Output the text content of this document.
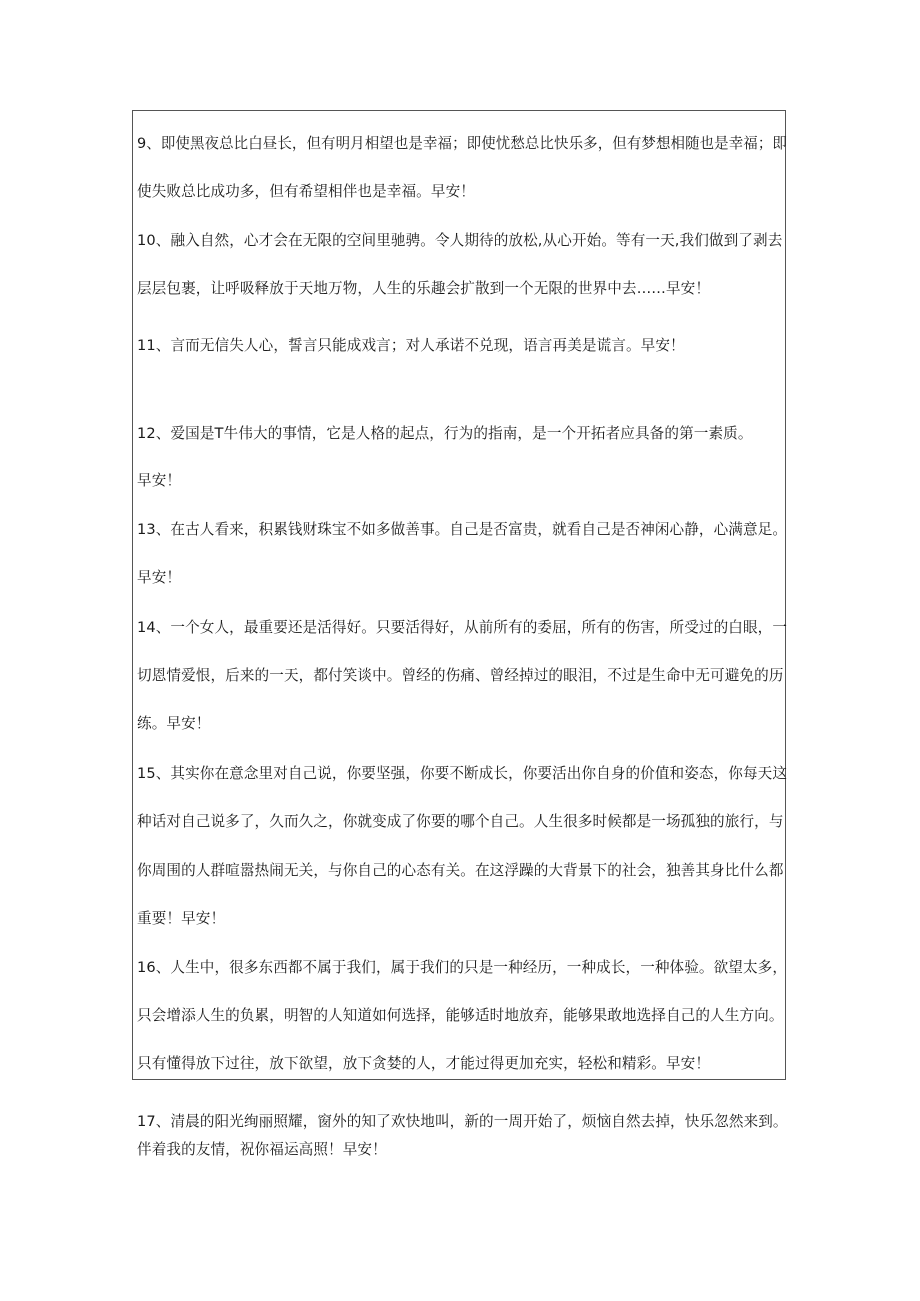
9、即使黑夜总比白昼长，但有明月相望也是幸福；即使忧愁总比快乐多，但有梦想相随也是幸福；即
使失败总比成功多，但有希望相伴也是幸福。早安！
10、融入自然，心才会在无限的空间里驰骋。令人期待的放松,从心开始。等有一天,我们做到了剥去
层层包裹，让呼吸释放于天地万物，人生的乐趣会扩散到一个无限的世界中去……早安！
11、言而无信失人心，誓言只能成戏言；对人承诺不兑现，语言再美是谎言。早安！
12、爱国是T牛伟大的事情，它是人格的起点，行为的指南，是一个开拓者应具备的第一素质。
早安！
13、在古人看来，积累钱财珠宝不如多做善事。自己是否富贵，就看自己是否神闲心静，心满意足。
早安！
14、一个女人，最重要还是活得好。只要活得好，从前所有的委屈，所有的伤害，所受过的白眼，一
切恩情爱恨，后来的一天，都付笑谈中。曾经的伤痛、曾经掉过的眼泪，不过是生命中无可避免的历
练。早安！
15、其实你在意念里对自己说，你要坚强，你要不断成长，你要活出你自身的价值和姿态，你每天这
种话对自己说多了，久而久之，你就变成了你要的哪个自己。人生很多时候都是一场孤独的旅行，与
你周围的人群喧嚣热闹无关，与你自己的心态有关。在这浮躁的大背景下的社会，独善其身比什么都
重要！早安！
16、人生中，很多东西都不属于我们，属于我们的只是一种经历，一种成长，一种体验。欲望太多，
只会增添人生的负累，明智的人知道如何选择，能够适时地放弃，能够果敢地选择自己的人生方向。
只有懂得放下过往，放下欲望，放下贪婪的人，才能过得更加充实，轻松和精彩。早安！
17、清晨的阳光绚丽照耀，窗外的知了欢快地叫，新的一周开始了，烦恼自然去掉，快乐忽然来到。
伴着我的友情，祝你福运高照！早安！
